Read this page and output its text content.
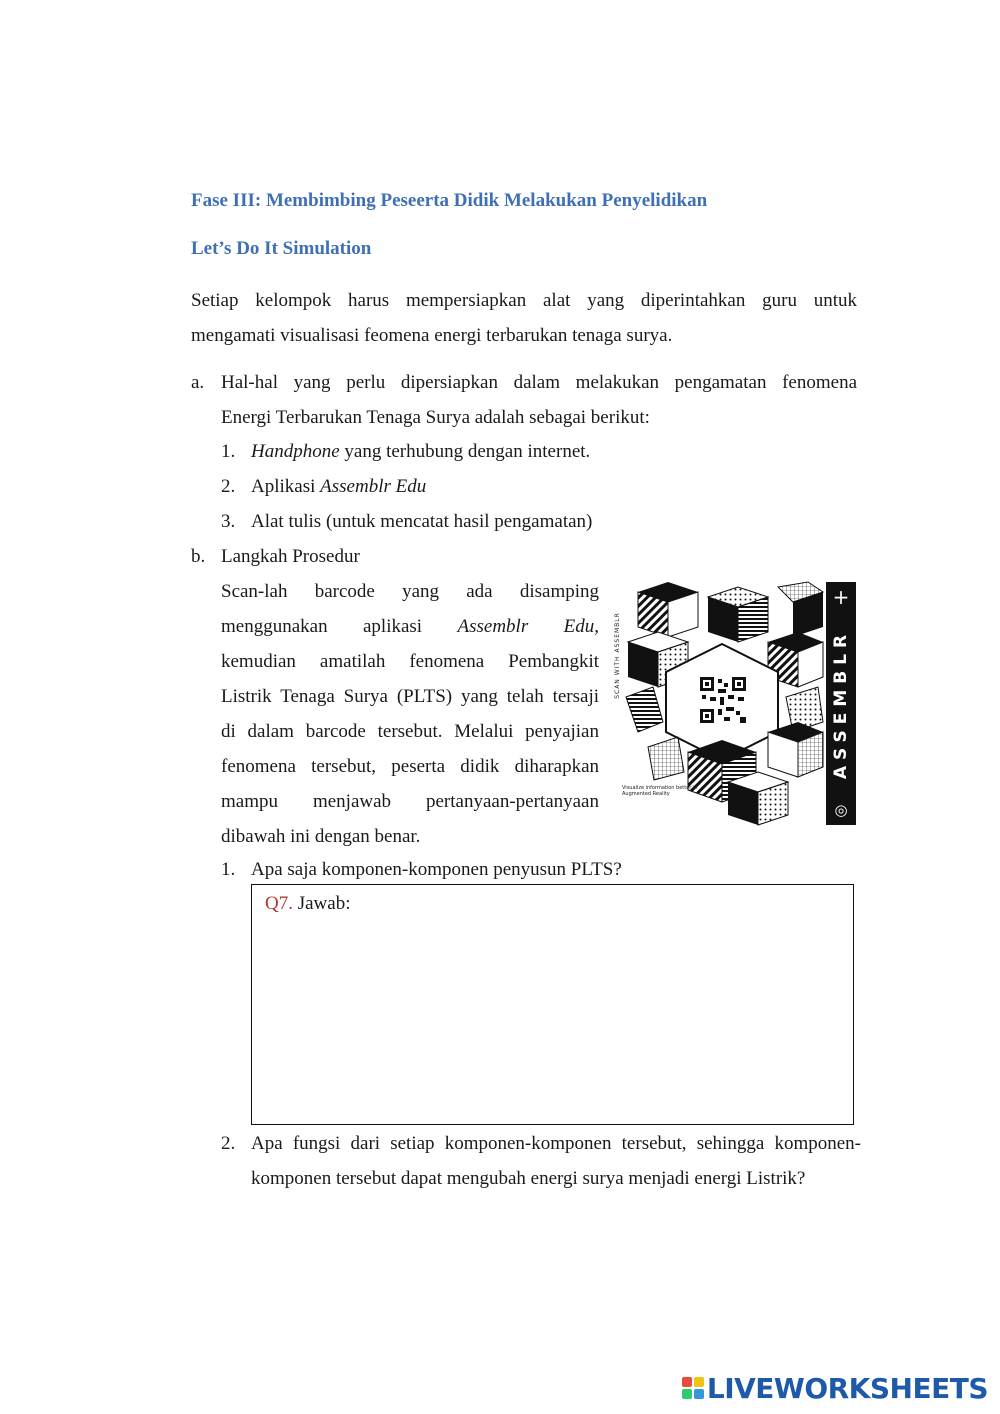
Fase III: Membimbing Peseerta Didik Melakukan Penyelidikan
Let’s Do It Simulation
Setiap kelompok harus mempersiapkan alat yang diperintahkan guru untuk
mengamati visualisasi feomena energi terbarukan tenaga surya.
a. Hal-hal yang perlu dipersiapkan dalam melakukan pengamatan fenomena
Energi Terbarukan Tenaga Surya adalah sebagai berikut:
1. Handphone yang terhubung dengan internet.
2. Aplikasi Assemblr Edu
3. Alat tulis (untuk mencatat hasil pengamatan)
b. Langkah Prosedur
Scan-lah barcode yang ada disamping
menggunakan aplikasi Assemblr Edu,
kemudian amatilah fenomena Pembangkit
Listrik Tenaga Surya (PLTS) yang telah tersaji
di dalam barcode tersebut. Melalui penyajian
fenomena tersebut, peserta didik diharapkan
mampu menjawab pertanyaan-pertanyaan
dibawah ini dengan benar.
SCAN WITH ASSEMBLR
Visualize information better in Augmented Reality
+
ASSEMBLR
◎
1. Apa saja komponen-komponen penyusun PLTS?
Q7. Jawab:
2. Apa fungsi dari setiap komponen-komponen tersebut, sehingga komponen-
komponen tersebut dapat mengubah energi surya menjadi energi Listrik?
LIVEWORKSHEETS
